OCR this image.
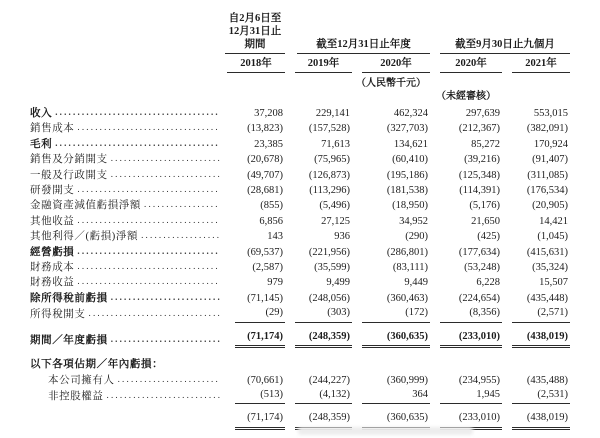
自2月6日至
12月31日止
期間	截至12月31日止年度	截至9月30日止九個月
2018年	2019年	2020年	2020年	2021年
（人民幣千元）
（未經審核）
收入 .....	37,208	229,141	462,324	297,639	553,015
銷售成本 .....	(13,823)	(157,528)	(327,703)	(212,367)	(382,091)
毛利 .....	23,385	71,613	134,621	85,272	170,924
銷售及分銷開支 .....	(20,678)	(75,965)	(60,410)	(39,216)	(91,407)
一般及行政開支 .....	(49,707)	(126,873)	(195,186)	(125,348)	(311,085)
研發開支 .....	(28,681)	(113,296)	(181,538)	(114,391)	(176,534)
金融資產減值虧損淨額 .....	(855)	(5,496)	(18,950)	(5,176)	(20,905)
其他收益 .....	6,856	27,125	34,952	21,650	14,421
其他利得／(虧損)淨額 .....	143	936	(290)	(425)	(1,045)
經營虧損 .....	(69,537)	(221,956)	(286,801)	(177,634)	(415,631)
財務成本 .....	(2,587)	(35,599)	(83,111)	(53,248)	(35,324)
財務收益 .....	979	9,499	9,449	6,228	15,507
除所得稅前虧損 .....	(71,145)	(248,056)	(360,463)	(224,654)	(435,448)
所得稅開支 .....	(29)	(303)	(172)	(8,356)	(2,571)
期間／年度虧損 .....	(71,174)	(248,359)	(360,635)	(233,010)	(438,019)
以下各項佔期／年內虧損：
本公司擁有人 .....	(70,661)	(244,227)	(360,999)	(234,955)	(435,488)
非控股權益 .....	(513)	(4,132)	364	1,945	(2,531)
(71,174)	(248,359)	(360,635)	(233,010)	(438,019)
